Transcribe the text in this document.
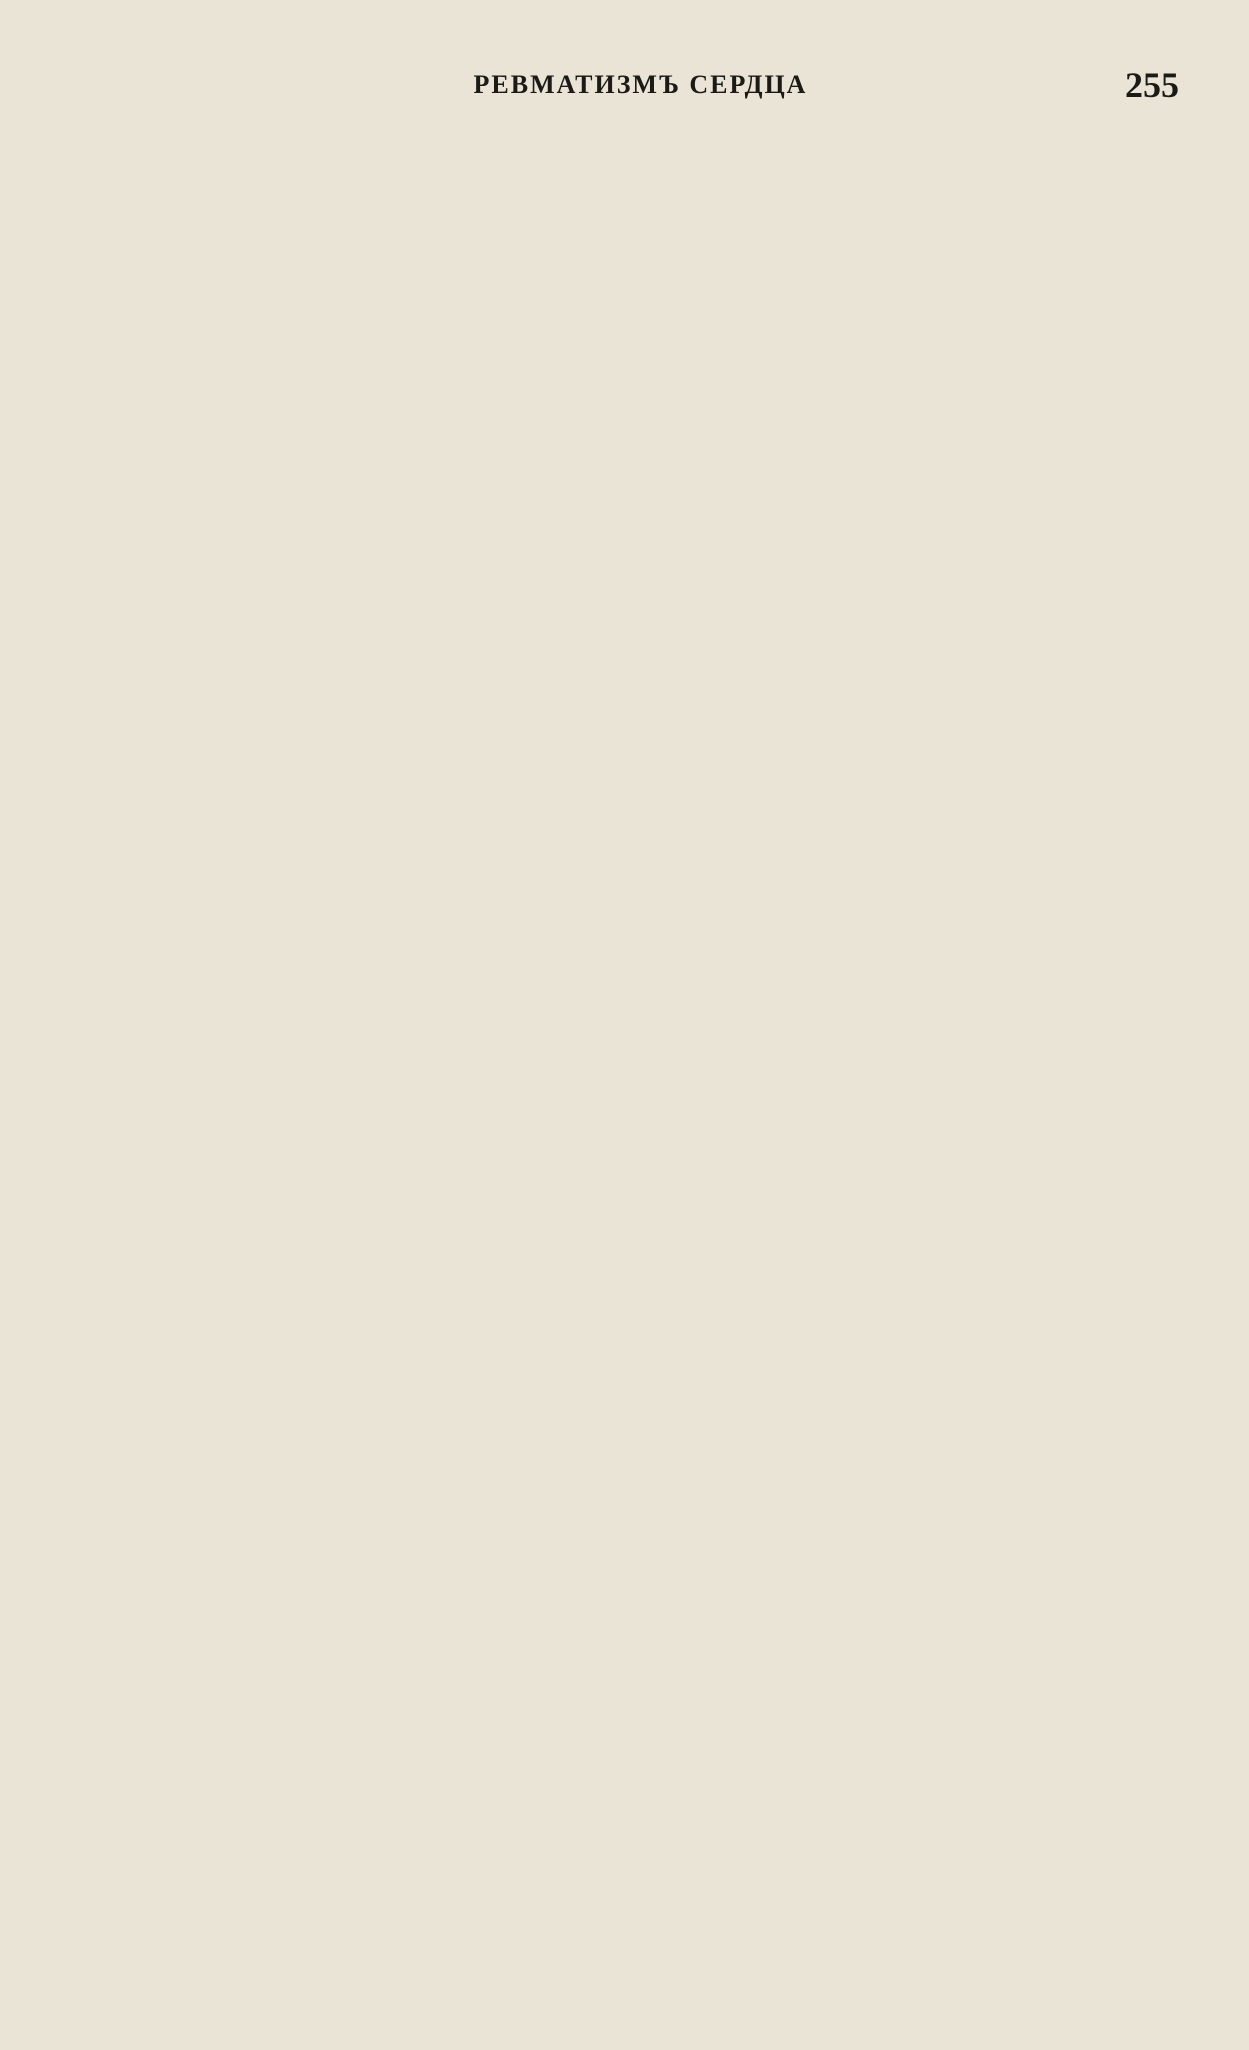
РЕВМАТИЗМЪ СЕРДЦА	255
